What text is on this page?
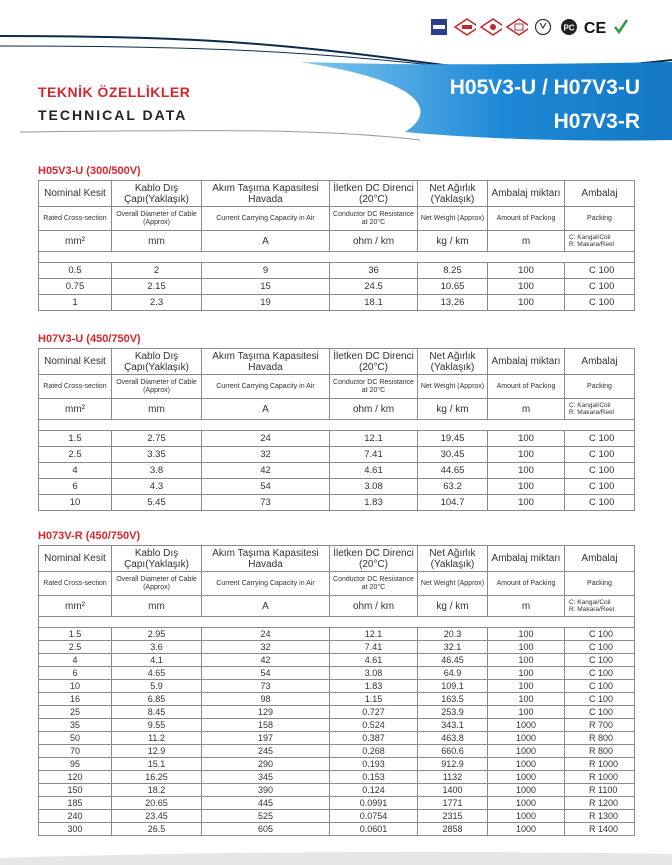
PC CE
TEKNİK ÖZELLİKLER
TECHNICAL DATA
H05V3-U / H07V3-U
H07V3-R
H05V3-U (300/500V)
H07V3-U (450/750V)
H073V-R (450/750V)
Nominal Kesit	Kablo Dış Çapı(Yaklaşık)	Akım Taşıma Kapasitesi Havada	İletken DC Direnci (20°C)	Net Ağırlık (Yaklaşık)	Ambalaj miktarı	Ambalaj
Rated Cross-section	Overall Diameter of Cable (Approx)	Current Carrying Capacity in Air	Conductor DC Resistance at 20°C	Net Weight (Approx)	Amount of Packing	Packing
mm²	mm	A	ohm / km	kg / km	m	C: Kangal/Coil
R: Makara/Reel

0.5	2	9	36	8.25	100	C 100
0.75	2.15	15	24.5	10.65	100	C 100
1	2.3	19	18.1	13.26	100	C 100
Nominal Kesit	Kablo Dış Çapı(Yaklaşık)	Akım Taşıma Kapasitesi Havada	İletken DC Direnci (20°C)	Net Ağırlık (Yaklaşık)	Ambalaj miktarı	Ambalaj
Rated Cross-section	Overall Diameter of Cable (Approx)	Current Carrying Capacity in Air	Conductor DC Resistance at 20°C	Net Weight (Approx)	Amount of Packing	Packing
mm²	mm	A	ohm / km	kg / km	m	C: Kangal/Coil
R: Makara/Reel

1.5	2.75	24	12.1	19.45	100	C 100
2.5	3.35	32	7.41	30.45	100	C 100
4	3.8	42	4.61	44.65	100	C 100
6	4.3	54	3.08	63.2	100	C 100
10	5.45	73	1.83	104.7	100	C 100
Nominal Kesit	Kablo Dış Çapı(Yaklaşık)	Akım Taşıma Kapasitesi Havada	İletken DC Direnci (20°C)	Net Ağırlık (Yaklaşık)	Ambalaj miktarı	Ambalaj
Rated Cross-section	Overall Diameter of Cable (Approx)	Current Carrying Capacity in Air	Conductor DC Resistance at 20°C	Net Weight (Approx)	Amount of Packing	Packing
mm²	mm	A	ohm / km	kg / km	m	C: Kangal/Coil
R: Makara/Reel

1.5	2.95	24	12.1	20.3	100	C 100
2.5	3.6	32	7.41	32.1	100	C 100
4	4.1	42	4.61	46.45	100	C 100
6	4.65	54	3.08	64.9	100	C 100
10	5.9	73	1.83	109.1	100	C 100
16	6.85	98	1.15	163.5	100	C 100
25	8.45	129	0.727	253.9	100	C 100
35	9.55	158	0.524	343.1	1000	R 700
50	11.2	197	0.387	463.8	1000	R 800
70	12.9	245	0.268	660.6	1000	R 800
95	15.1	290	0.193	912.9	1000	R 1000
120	16.25	345	0.153	1132	1000	R 1000
150	18.2	390	0.124	1400	1000	R 1100
185	20.65	445	0.0991	1771	1000	R 1200
240	23.45	525	0.0754	2315	1000	R 1300
300	26.5	605	0.0601	2858	1000	R 1400
